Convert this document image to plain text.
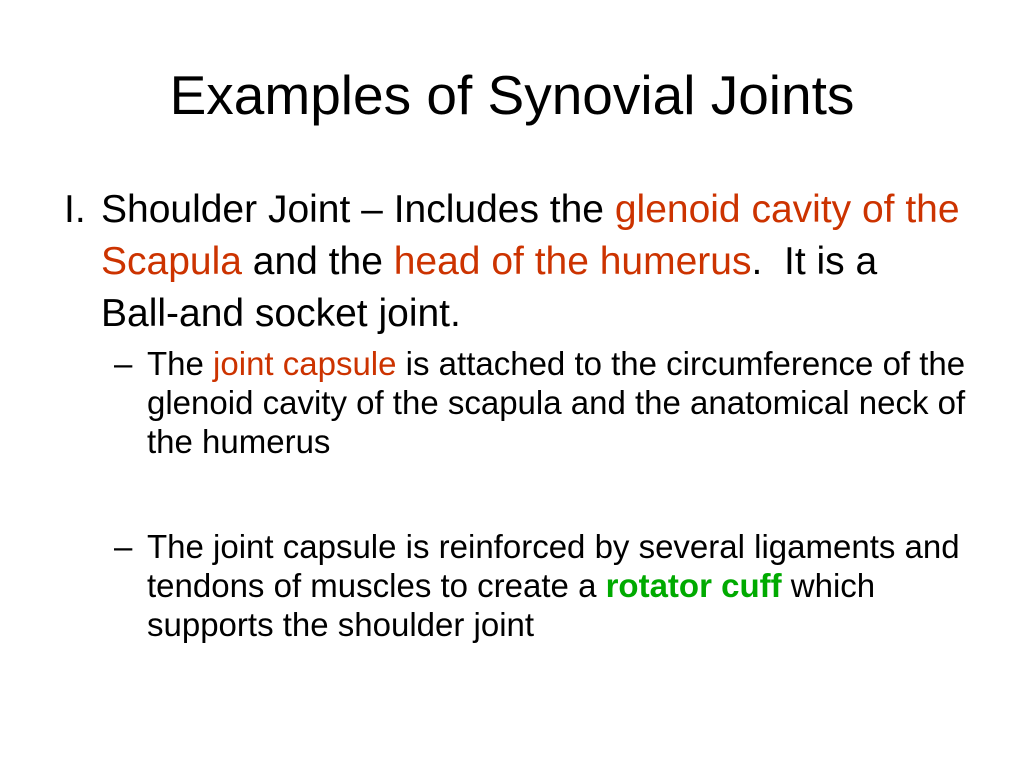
Examples of Synovial Joints
I. Shoulder Joint – Includes the glenoid cavity of the Scapula and the head of the humerus.  It is a Ball-and socket joint.
– The joint capsule is attached to the circumference of the glenoid cavity of the scapula and the anatomical neck of the humerus
– The joint capsule is reinforced by several ligaments and tendons of muscles to create a rotator cuff which supports the shoulder joint
